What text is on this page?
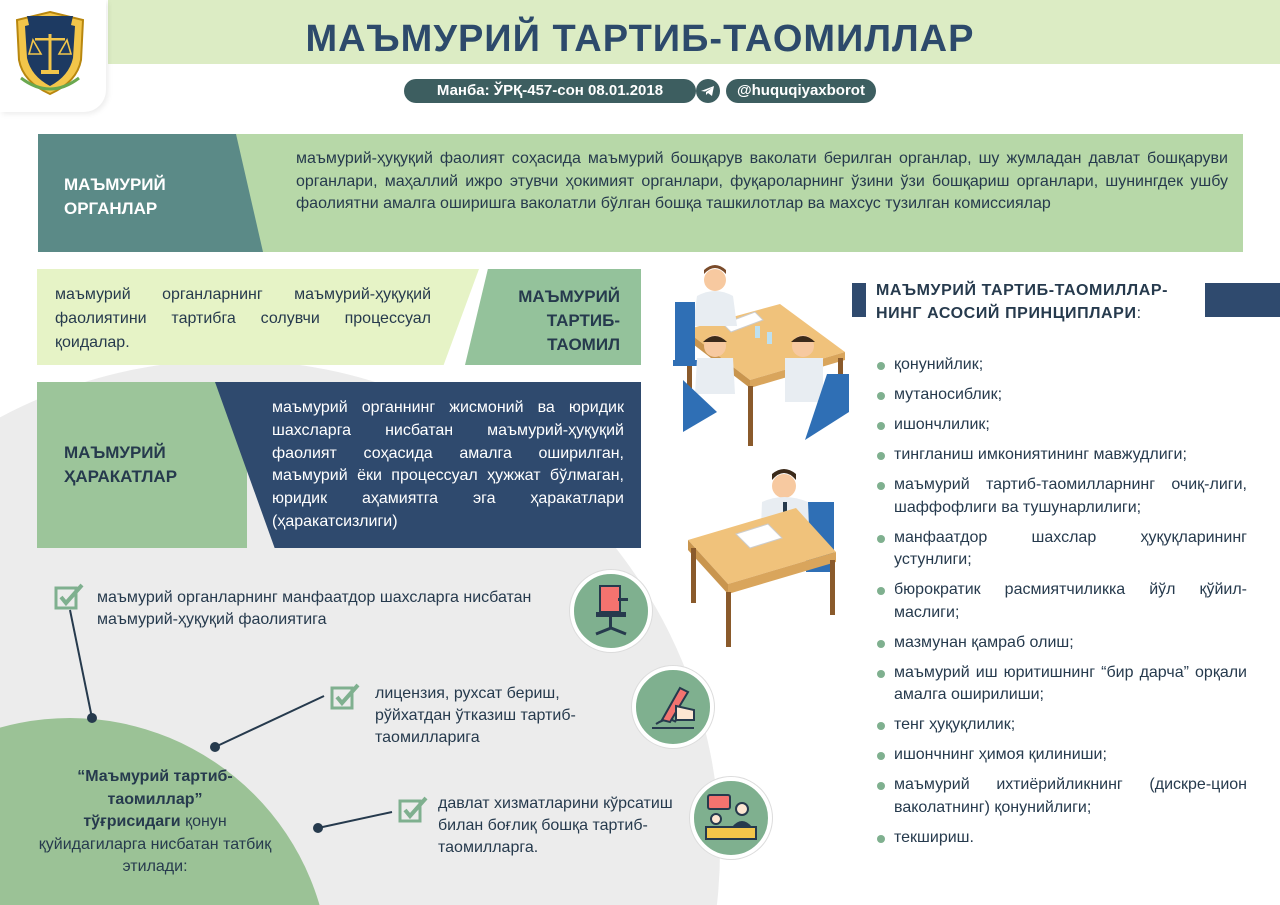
МАЪМУРИЙ ТАРТИБ-ТАОМИЛЛАР
Манба: ЎРҚ-457-сон 08.01.2018	@huquqiyaxborot
МАЪМУРИЙ
ОРГАНЛАР
маъмурий-ҳуқуқий фаолият соҳасида маъмурий бошқарув ваколати берилган органлар, шу жумладан давлат бошқаруви органлари, маҳаллий ижро этувчи ҳокимият органлари, фуқароларнинг ўзини ўзи бошқариш органлари, шунингдек ушбу фаолиятни амалга оширишга ваколатли бўлган бошқа ташкилотлар ва махсус тузилган комиссиялар
маъмурий органларнинг маъмурий-ҳуқуқий фаолиятини тартибга солувчи процессуал қоидалар.
МАЪМУРИЙ
ТАРТИБ-
ТАОМИЛ
МАЪМУРИЙ
ҲАРАКАТЛАР
маъмурий органнинг жисмоний ва юридик шахсларга нисбатан маъмурий-ҳуқуқий фаолият соҳасида амалга оширилган, маъмурий ёки процессуал ҳужжат бўлмаган, юридик аҳамиятга эга ҳаракатлари (ҳаракатсизлиги)
маъмурий органларнинг манфаатдор шахсларга нисбатан маъмурий-ҳуқуқий фаолиятига
лицензия, рухсат бериш, рўйхатдан ўтказиш тартиб-таомилларига
давлат хизматларини кўрсатиш билан боғлиқ бошқа тартиб-таомилларга.
“Маъмурий тартиб-таомиллар”
тўғрисидаги қонун қуйидагиларга нисбатан татбиқ этилади:
МАЪМУРИЙ ТАРТИБ-ТАОМИЛЛАР-
НИНГ АСОСИЙ ПРИНЦИПЛАРИ:
қонунийлик;
мутаносиблик;
ишончлилик;
тингланиш имкониятининг мавжудлиги;
маъмурий тартиб-таомилларнинг очиқ-лиги, шаффофлиги ва тушунарлилиги;
манфаатдор шахслар ҳуқуқларининг устунлиги;
бюрократик расмиятчиликка йўл қўйил-маслиги;
мазмунан қамраб олиш;
маъмурий иш юритишнинг “бир дарча” орқали амалга оширилиши;
тенг ҳуқуқлилик;
ишончнинг ҳимоя қилиниши;
маъмурий ихтиёрийликнинг (дискре-цион ваколатнинг) қонунийлиги;
текшириш.
